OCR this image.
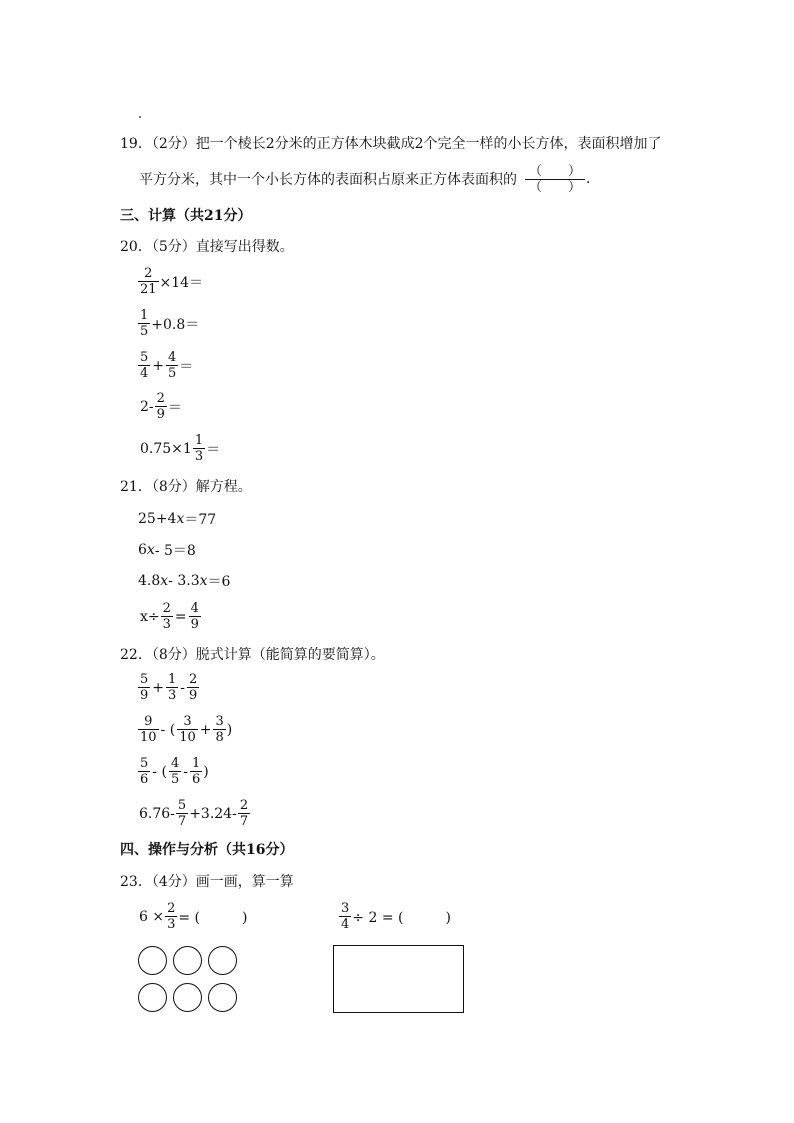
19．（2分）把一个棱长2分米的正方体木块截成2个完全一样的小长方体，表面积增加了
平方分米，其中一个小长方体的表面积占原来正方体表面积的 $\frac{( )}{( )}$ .
三、计算（共21分）
20．（5分）直接写出得数。
$\frac{2}{21} \times 14=$
$\frac{1}{5} +0.8=$
$\frac{5}{4} + \frac{4}{5}$ ＝
$2- \frac{2}{9}$ ＝
$0.75\times 1 \frac{1}{3}$ ＝
21．（8分）解方程。
25+4 x ＝77
6 x - 5＝8
4.8 x - 3.3 x ＝6
$x\div \frac{2}{3} = \frac{4}{9}$
22．（8分）脱式计算（能简算的要简算）。
$\frac{5}{9} + \frac{1}{3} - \frac{2}{9}$
$\frac{9}{10}$ - ( $\frac{3}{10} + \frac{3}{8}$ )
$\frac{5}{6}$ - ( $\frac{4}{5} - \frac{1}{6}$ )
$6.76- \frac{5}{7} +3.24- \frac{2}{7}$
四、操作与分析（共16分）
23．（4分）画一画，算一算
$6 \times \frac{2}{3}$ = (　　　)	$\frac{3}{4} \div 2$ = (　　　)
